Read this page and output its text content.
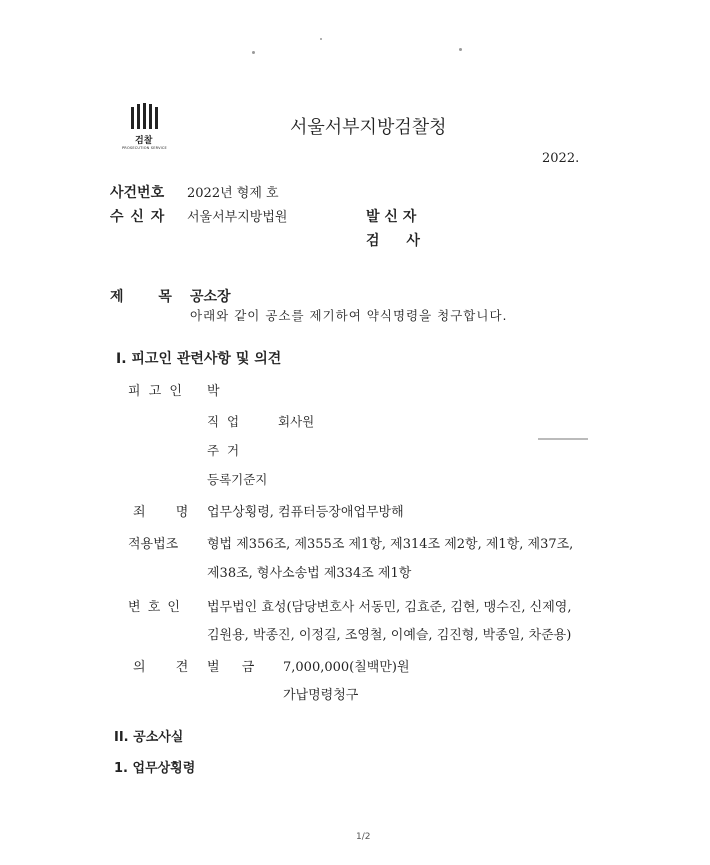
검찰
PROSECUTION SERVICE
서울서부지방검찰청
2022.
사건번호 2022년 형제 호
수 신 자 서울서부지방법원	발 신 자
검 사
제 목 공소장
아래와 같이 공소를 제기하여 약식명령을 청구합니다.
I. 피고인 관련사항 및 의견
피 고 인 박
직 업	회사원
주 거
등록기준지
죄 명 업무상횡령, 컴퓨터등장애업무방해
적용법조 형법 제356조, 제355조 제1항, 제314조 제2항, 제1항, 제37조,
제38조, 형사소송법 제334조 제1항
변 호 인 법무법인 효성(담당변호사 서동민, 김효준, 김현, 맹수진, 신제영,
김원용, 박종진, 이정길, 조영철, 이예슬, 김진형, 박종일, 차준용)
의 견 벌 금 7,000,000(칠백만)원
가납명령청구
II. 공소사실
1. 업무상횡령
1/2
